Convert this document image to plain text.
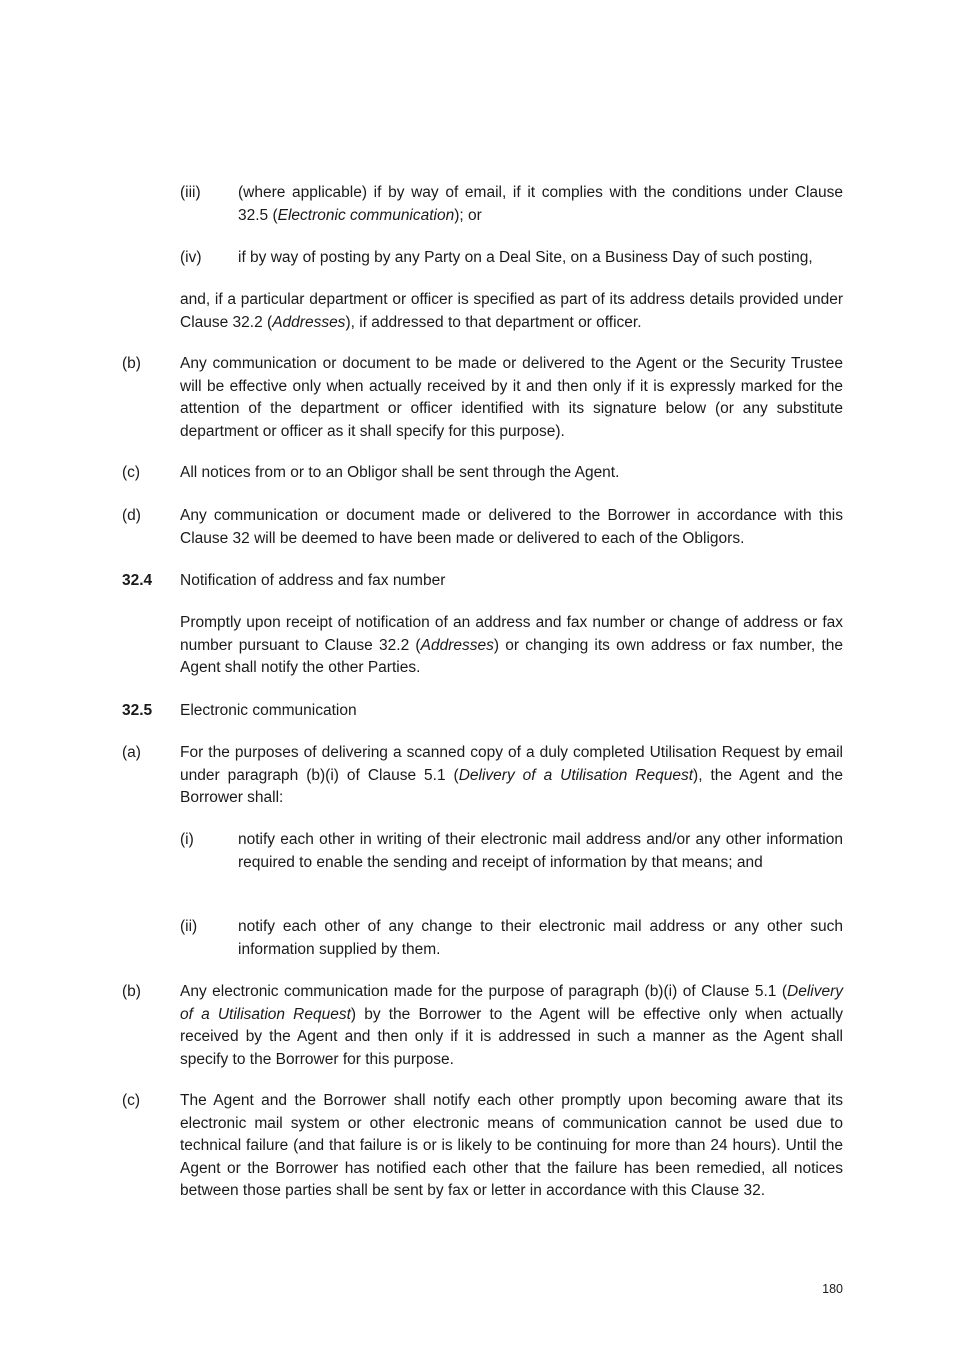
(iii) (where applicable) if by way of email, if it complies with the conditions under Clause 32.5 (Electronic communication); or

(iv) if by way of posting by any Party on a Deal Site, on a Business Day of such posting,

and, if a particular department or officer is specified as part of its address details provided under Clause 32.2 (Addresses), if addressed to that department or officer.

(b)	Any communication or document to be made or delivered to the Agent or the Security Trustee will be effective only when actually received by it and then only if it is expressly marked for the attention of the department or officer identified with its signature below (or any substitute department or officer as it shall specify for this purpose).

(c)	All notices from or to an Obligor shall be sent through the Agent.

(d)	Any communication or document made or delivered to the Borrower in accordance with this Clause 32 will be deemed to have been made or delivered to each of the Obligors.

32.4 Notification of address and fax number

Promptly upon receipt of notification of an address and fax number or change of address or fax number pursuant to Clause 32.2 (Addresses) or changing its own address or fax number, the Agent shall notify the other Parties.

32.5 Electronic communication
(a)	For the purposes of delivering a scanned copy of a duly completed Utilisation Request by email under paragraph (b)(i) of Clause 5.1 (Delivery of a Utilisation Request), the Agent and the Borrower shall:

(i)	notify each other in writing of their electronic mail address and/or any other information required to enable the sending and receipt of information by that means; and

(ii)	notify each other of any change to their electronic mail address or any other such information supplied by them.

(b)	Any electronic communication made for the purpose of paragraph (b)(i) of Clause 5.1 (Delivery of a Utilisation Request) by the Borrower to the Agent will be effective only when actually received by the Agent and then only if it is addressed in such a manner as the Agent shall specify to the Borrower for this purpose.

(c)	The Agent and the Borrower shall notify each other promptly upon becoming aware that its electronic mail system or other electronic means of communication cannot be used due to technical failure (and that failure is or is likely to be continuing for more than 24 hours). Until the Agent or the Borrower has notified each other that the failure has been remedied, all notices between those parties shall be sent by fax or letter in accordance with this Clause 32.

180
